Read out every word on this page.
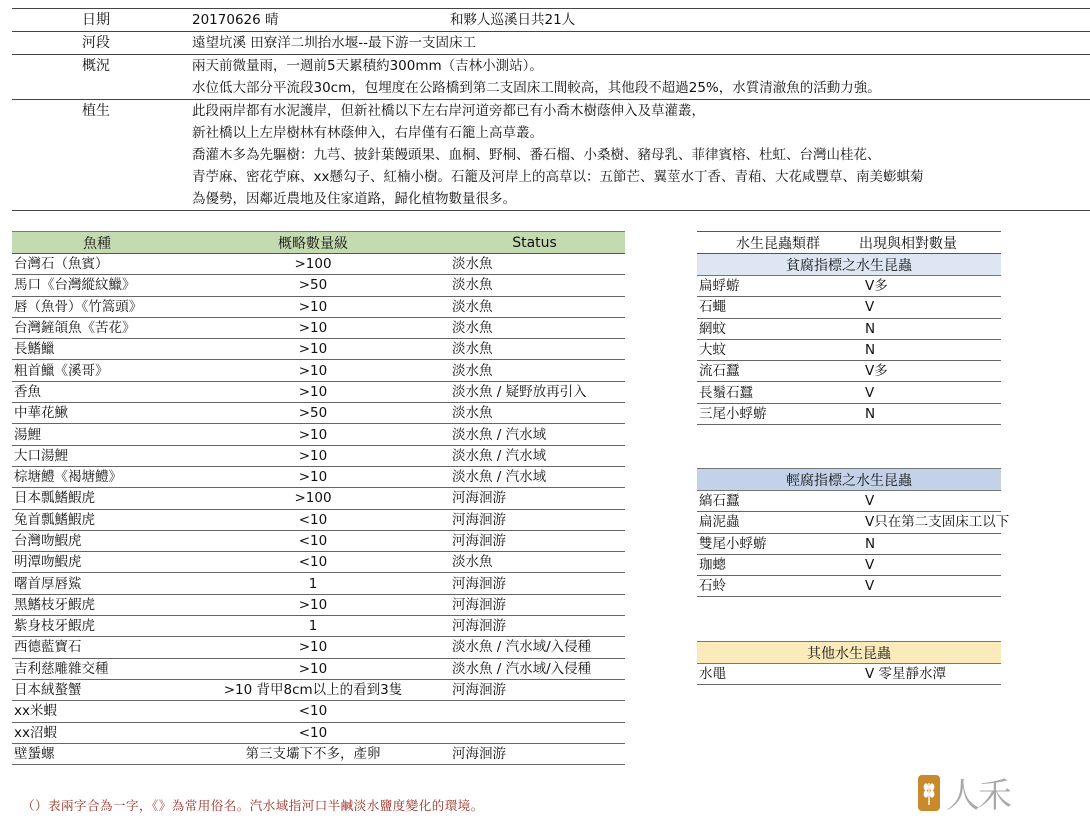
日期	20170626 晴	和夥人巡溪日共21人
河段	遠望坑溪 田寮洋二圳抬水堰--最下游一支固床工
概況	兩天前微量雨，一週前5天累積約300mm（吉林小測站）。
水位低大部分平流段30cm，包埋度在公路橋到第二支固床工間較高，其他段不超過25%，水質清澈魚的活動力強。
植生	此段兩岸都有水泥護岸，但新社橋以下左右岸河道旁都已有小喬木樹蔭伸入及草灌叢，
新社橋以上左岸樹林有林蔭伸入，右岸僅有石籠上高草叢。
喬灌木多為先驅樹：九芎、披針葉饅頭果、血桐、野桐、番石榴、小桑樹、豬母乳、菲律賓榕、杜虹、台灣山桂花、
青苧麻、密花苧麻、xx懸勾子、紅楠小樹。石籠及河岸上的高草以：五節芒、翼莖水丁香、青葙、大花咸豐草、南美蟛蜞菊
為優勢，因鄰近農地及住家道路，歸化植物數量很多。
魚種	概略數量級	Status
台灣石（魚賓）	>100	淡水魚
馬口《台灣縱紋鱲》	>50	淡水魚
唇（魚骨）《竹篙頭》	>10	淡水魚
台灣鏟頜魚《苦花》	>10	淡水魚
長鰭鱲	>10	淡水魚
粗首鱲《溪哥》	>10	淡水魚
香魚	>10	淡水魚 / 疑野放再引入
中華花鰍	>50	淡水魚
湯鯉	>10	淡水魚 / 汽水域
大口湯鯉	>10	淡水魚 / 汽水域
棕塘鱧《褐塘鱧》	>10	淡水魚 / 汽水域
日本瓢鰭鰕虎	>100	河海洄游
兔首瓢鰭鰕虎	<10	河海洄游
台灣吻鰕虎	<10	河海洄游
明潭吻鰕虎	<10	淡水魚
曙首厚唇鯊	1	河海洄游
黑鰭枝牙鰕虎	>10	河海洄游
紫身枝牙鰕虎	1	河海洄游
西德藍寶石	>10	淡水魚 / 汽水域/入侵種
吉利慈雕雜交種	>10	淡水魚 / 汽水域/入侵種
日本絨螯蟹	>10 背甲8cm以上的看到3隻	河海洄游
xx米蝦	<10	
xx沼蝦	<10	
壁蜑螺	第三支壩下不多，產卵	河海洄游
水生昆蟲類群	出現與相對數量
貧腐指標之水生昆蟲	
扁蜉蝣	V多
石蠅	V
網蚊	N
大蚊	N
流石蠶	V多
長鬚石蠶	V
三尾小蜉蝣	N
輕腐指標之水生昆蟲	
縞石蠶	V
扁泥蟲	V只在第二支固床工以下
雙尾小蜉蝣	N
珈蟌	V
石蛉	V
其他水生昆蟲
水黽	V 零星靜水潭
（）表兩字合為一字，《》為常用俗名。汽水域指河口半鹹淡水鹽度變化的環境。	人禾
